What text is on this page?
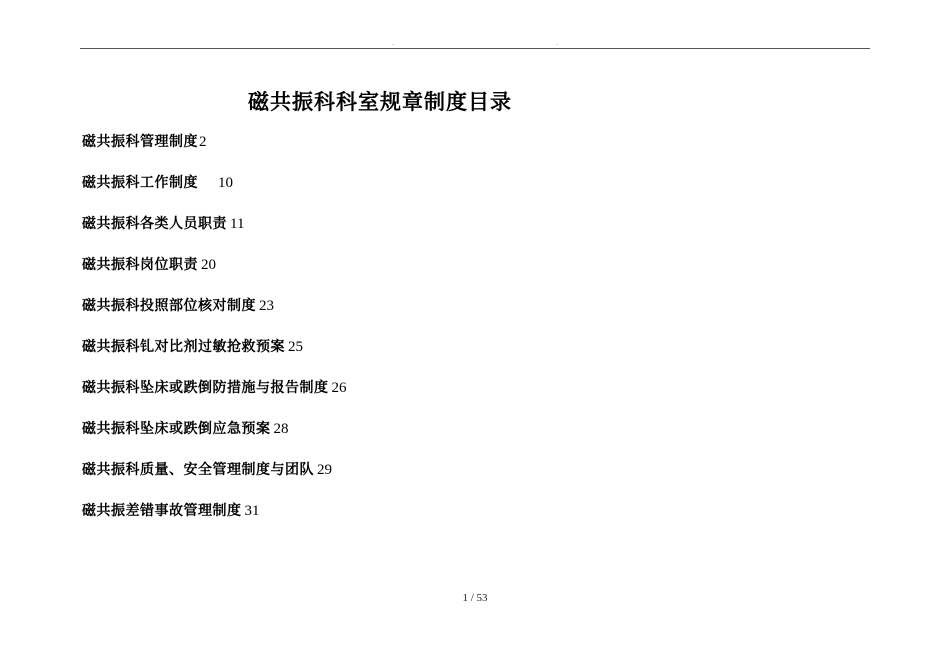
.	.
磁共振科科室规章制度目录
磁共振科管理制度2
磁共振科工作制度 10
磁共振科各类人员职责 11
磁共振科岗位职责 20
磁共振科投照部位核对制度 23
磁共振科钆对比剂过敏抢救预案 25
磁共振科坠床或跌倒防措施与报告制度 26
磁共振科坠床或跌倒应急预案 28
磁共振科质量、安全管理制度与团队 29
磁共振差错事故管理制度 31
1 / 53
